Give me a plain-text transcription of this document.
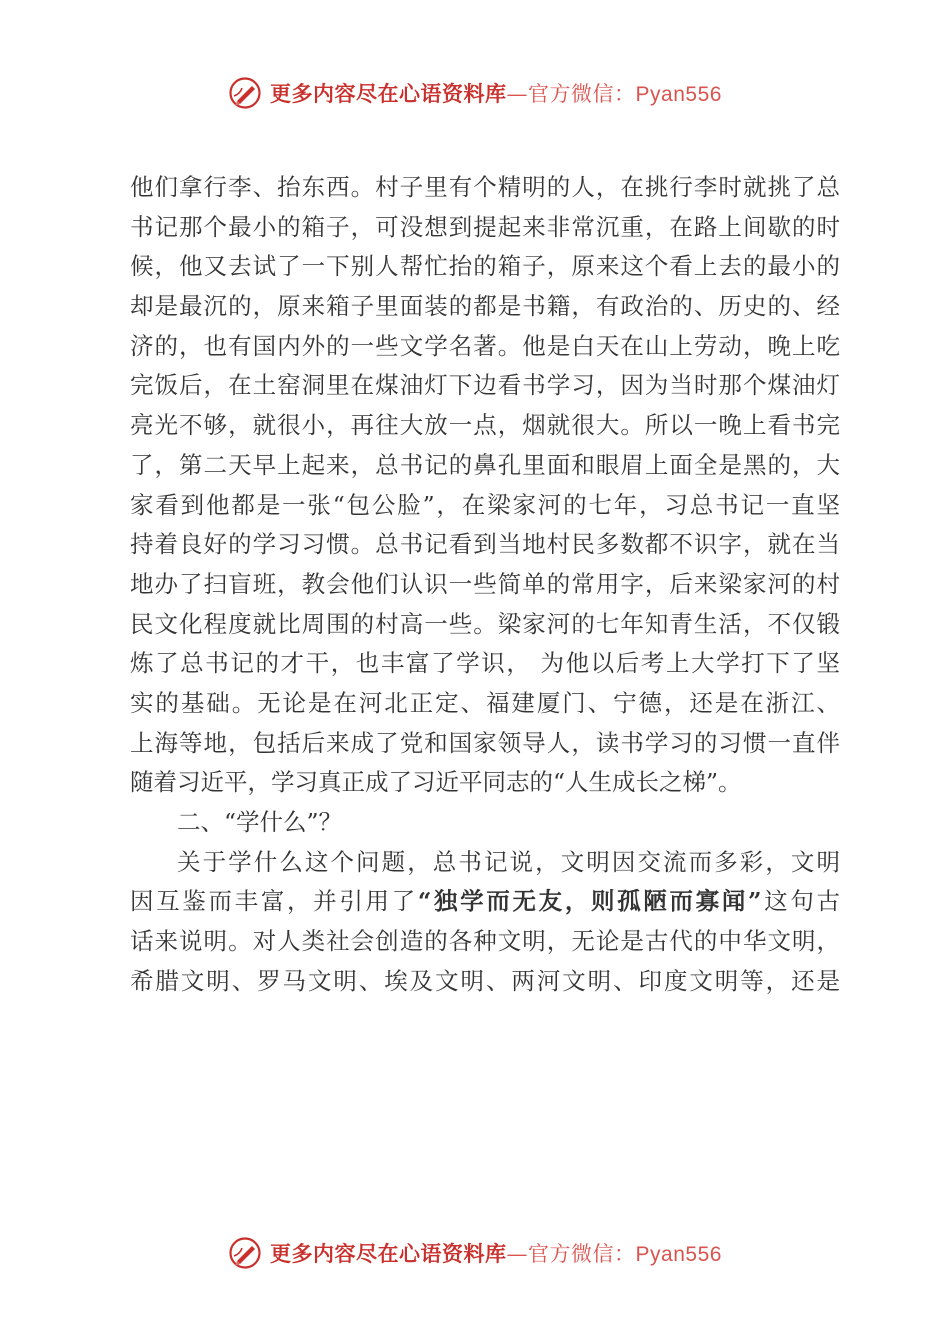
更多内容尽在心语资料库—官方微信：Pyan556
他们拿行李、抬东西。村子里有个精明的人，在挑行李时就挑了总
书记那个最小的箱子，可没想到提起来非常沉重，在路上间歇的时
候，他又去试了一下别人帮忙抬的箱子，原来这个看上去的最小的
却是最沉的，原来箱子里面装的都是书籍，有政治的、历史的、经
济的，也有国内外的一些文学名著。他是白天在山上劳动，晚上吃
完饭后，在土窑洞里在煤油灯下边看书学习，因为当时那个煤油灯
亮光不够，就很小，再往大放一点，烟就很大。所以一晚上看书完
了，第二天早上起来，总书记的鼻孔里面和眼眉上面全是黑的，大
家看到他都是一张“包公脸”，在梁家河的七年，习总书记一直坚
持着良好的学习习惯。总书记看到当地村民多数都不识字，就在当
地办了扫盲班，教会他们认识一些简单的常用字，后来梁家河的村
民文化程度就比周围的村高一些。梁家河的七年知青生活，不仅锻
炼了总书记的才干，也丰富了学识， 为他以后考上大学打下了坚
实的基础。无论是在河北正定、福建厦门、宁德，还是在浙江、
上海等地，包括后来成了党和国家领导人，读书学习的习惯一直伴
随着习近平，学习真正成了习近平同志的“人生成长之梯”。
二、“学什么”？
关于学什么这个问题，总书记说，文明因交流而多彩，文明
因互鉴而丰富，并引用了“独学而无友，则孤陋而寡闻”这句古
话来说明。对人类社会创造的各种文明，无论是古代的中华文明，
希腊文明、罗马文明、埃及文明、两河文明、印度文明等，还是
更多内容尽在心语资料库—官方微信：Pyan556
